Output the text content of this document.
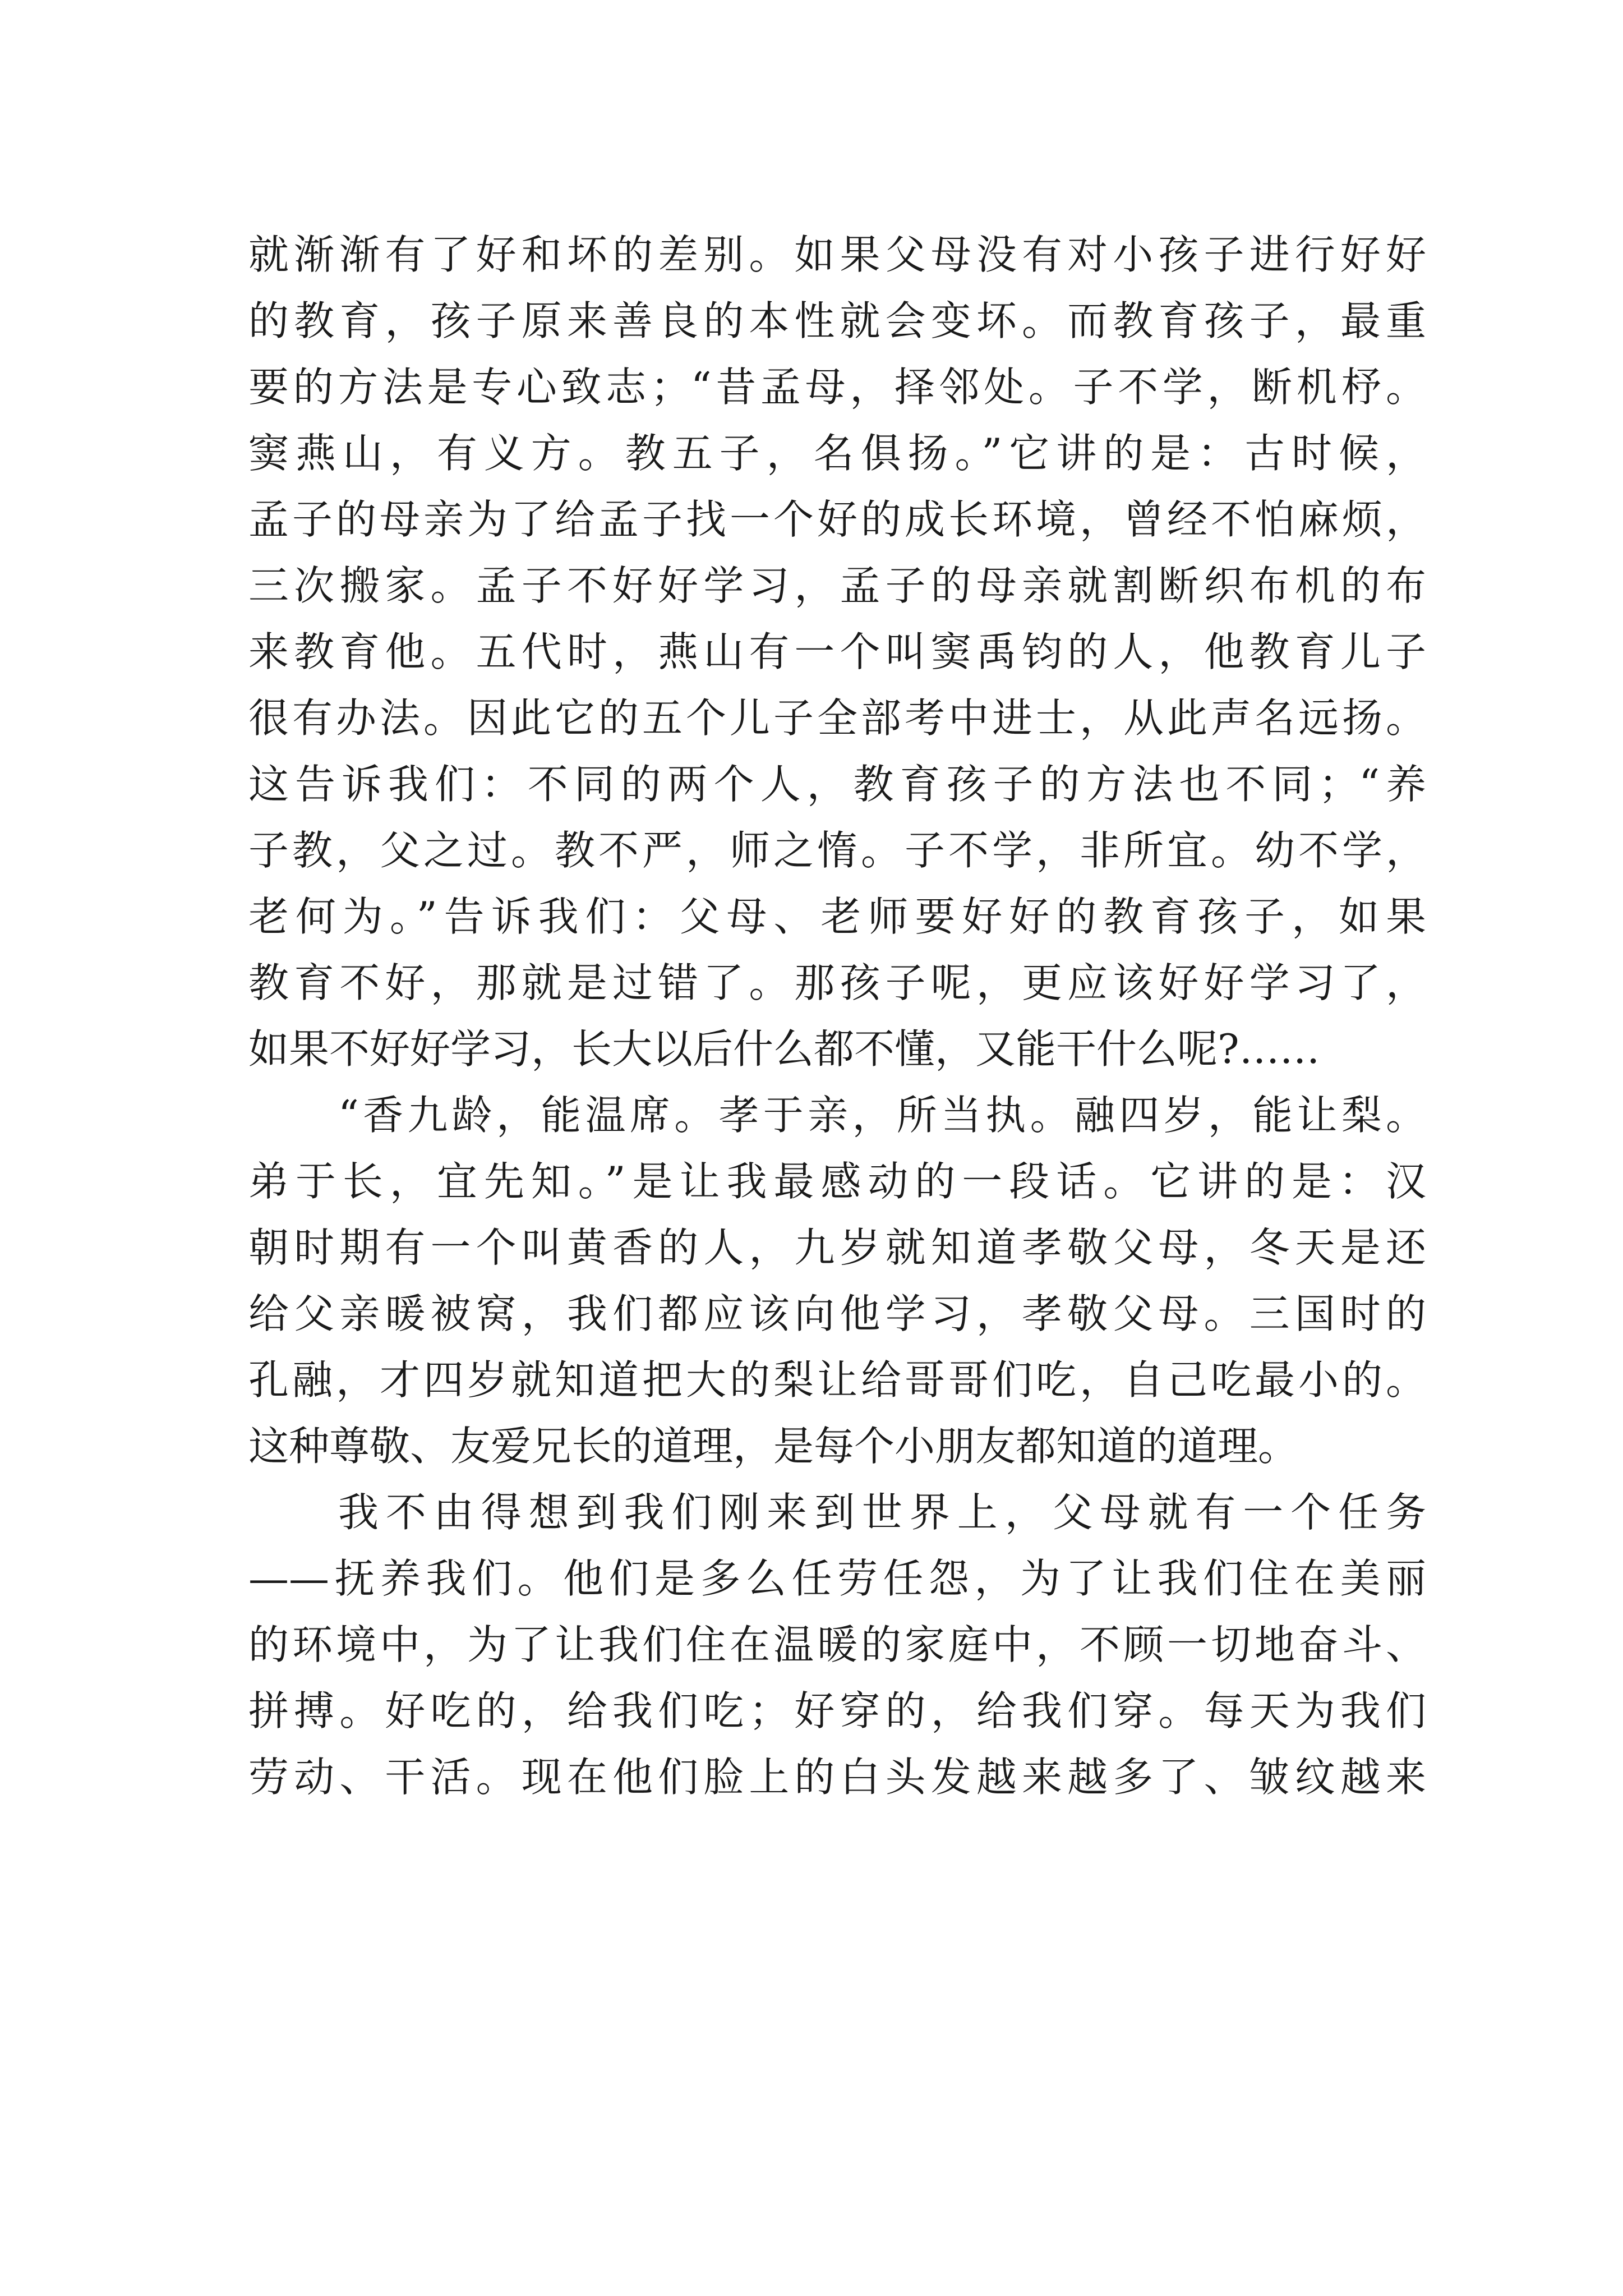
就渐渐有了好和坏的差别。如果父母没有对小孩子进行好好
的教育，孩子原来善良的本性就会变坏。而教育孩子，最重
要的方法是专心致志；“昔孟母，择邻处。子不学，断机杼。
窦燕山，有义方。教五子，名俱扬。”它讲的是：古时候，
孟子的母亲为了给孟子找一个好的成长环境，曾经不怕麻烦，
三次搬家。孟子不好好学习，孟子的母亲就割断织布机的布
来教育他。五代时，燕山有一个叫窦禹钧的人，他教育儿子
很有办法。因此它的五个儿子全部考中进士，从此声名远扬。
这告诉我们：不同的两个人，教育孩子的方法也不同；“养
子教，父之过。教不严，师之惰。子不学，非所宜。幼不学，
老何为。”告诉我们：父母、老师要好好的教育孩子，如果
教育不好，那就是过错了。那孩子呢，更应该好好学习了，
如果不好好学习，长大以后什么都不懂，又能干什么呢?……
“香九龄，能温席。孝于亲，所当执。融四岁，能让梨。
弟于长，宜先知。”是让我最感动的一段话。它讲的是：汉
朝时期有一个叫黄香的人，九岁就知道孝敬父母，冬天是还
给父亲暖被窝，我们都应该向他学习，孝敬父母。三国时的
孔融，才四岁就知道把大的梨让给哥哥们吃，自己吃最小的。
这种尊敬、友爱兄长的道理，是每个小朋友都知道的道理。
我不由得想到我们刚来到世界上，父母就有一个任务
——抚养我们。他们是多么任劳任怨，为了让我们住在美丽
的环境中，为了让我们住在温暖的家庭中，不顾一切地奋斗、
拼搏。好吃的，给我们吃；好穿的，给我们穿。每天为我们
劳动、干活。现在他们脸上的白头发越来越多了、皱纹越来
